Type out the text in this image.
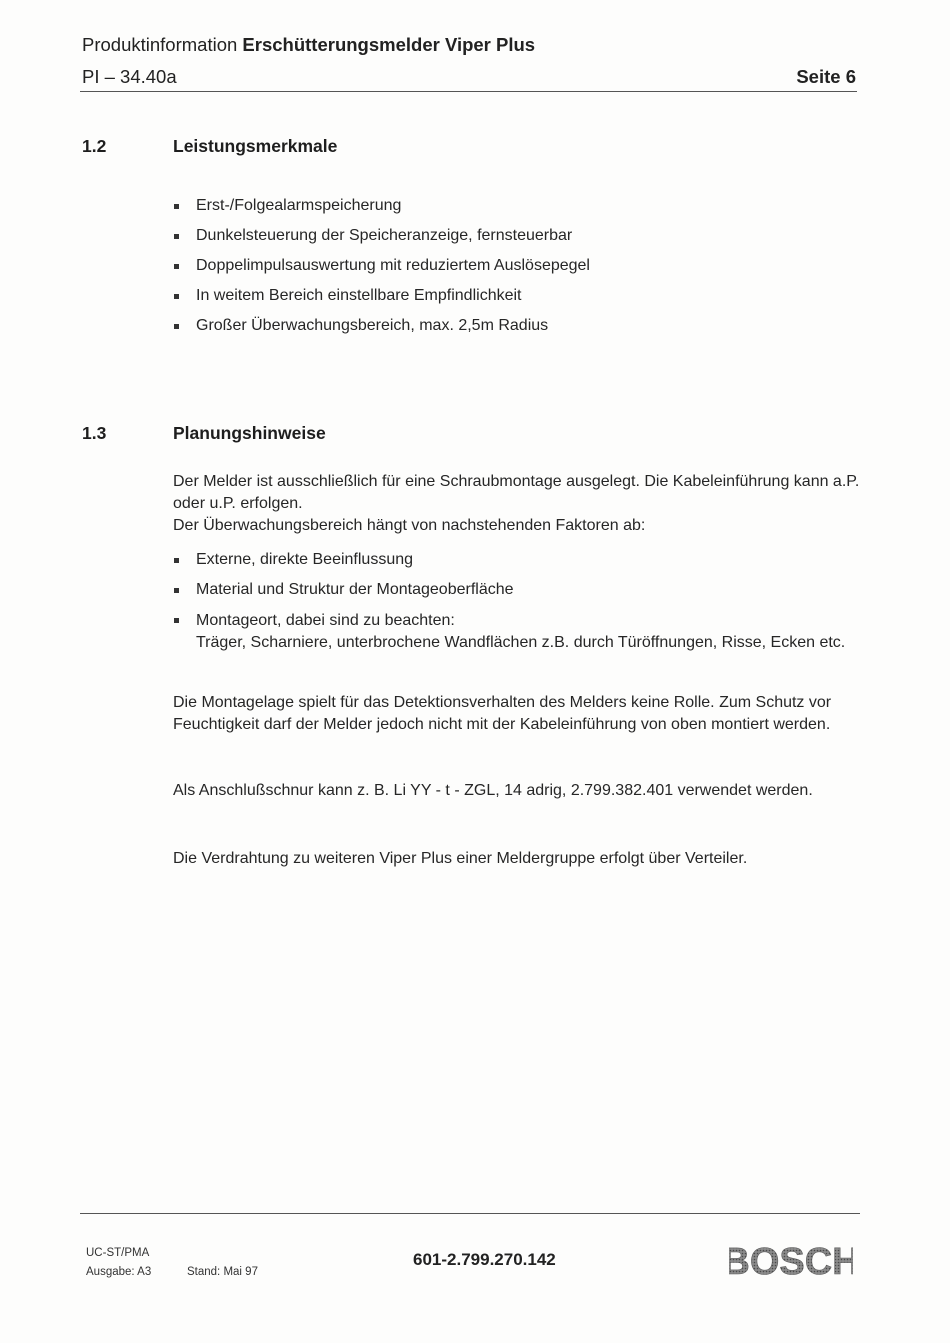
Produktinformation Erschütterungsmelder Viper Plus
PI – 34.40a	Seite 6
1.2	Leistungsmerkmale
Erst-/Folgealarmspeicherung
Dunkelsteuerung der Speicheranzeige, fernsteuerbar
Doppelimpulsauswertung mit reduziertem Auslösepegel
In weitem Bereich einstellbare Empfindlichkeit
Großer Überwachungsbereich, max. 2,5m Radius
1.3	Planungshinweise

Der Melder ist ausschließlich für eine Schraubmontage ausgelegt. Die Kabeleinführung kann a.P. oder u.P. erfolgen.

Der Überwachungsbereich hängt von nachstehenden Faktoren ab:

Externe, direkte Beeinflussung
Material und Struktur der Montageoberfläche
Montageort, dabei sind zu beachten:
Träger, Scharniere, unterbrochene Wandflächen z.B. durch Türöffnungen, Risse, Ecken etc.

Die Montagelage spielt für das Detektionsverhalten des Melders keine Rolle. Zum Schutz vor Feuchtigkeit darf der Melder jedoch nicht mit der Kabeleinführung von oben montiert werden.

Als Anschlußschnur kann z. B. Li YY - t - ZGL, 14 adrig, 2.799.382.401 verwendet werden.

Die Verdrahtung zu weiteren Viper Plus einer Meldergruppe erfolgt über Verteiler.

UC-ST/PMA
Ausgabe: A3	Stand: Mai 97
601-2.799.270.142	BOSCH
